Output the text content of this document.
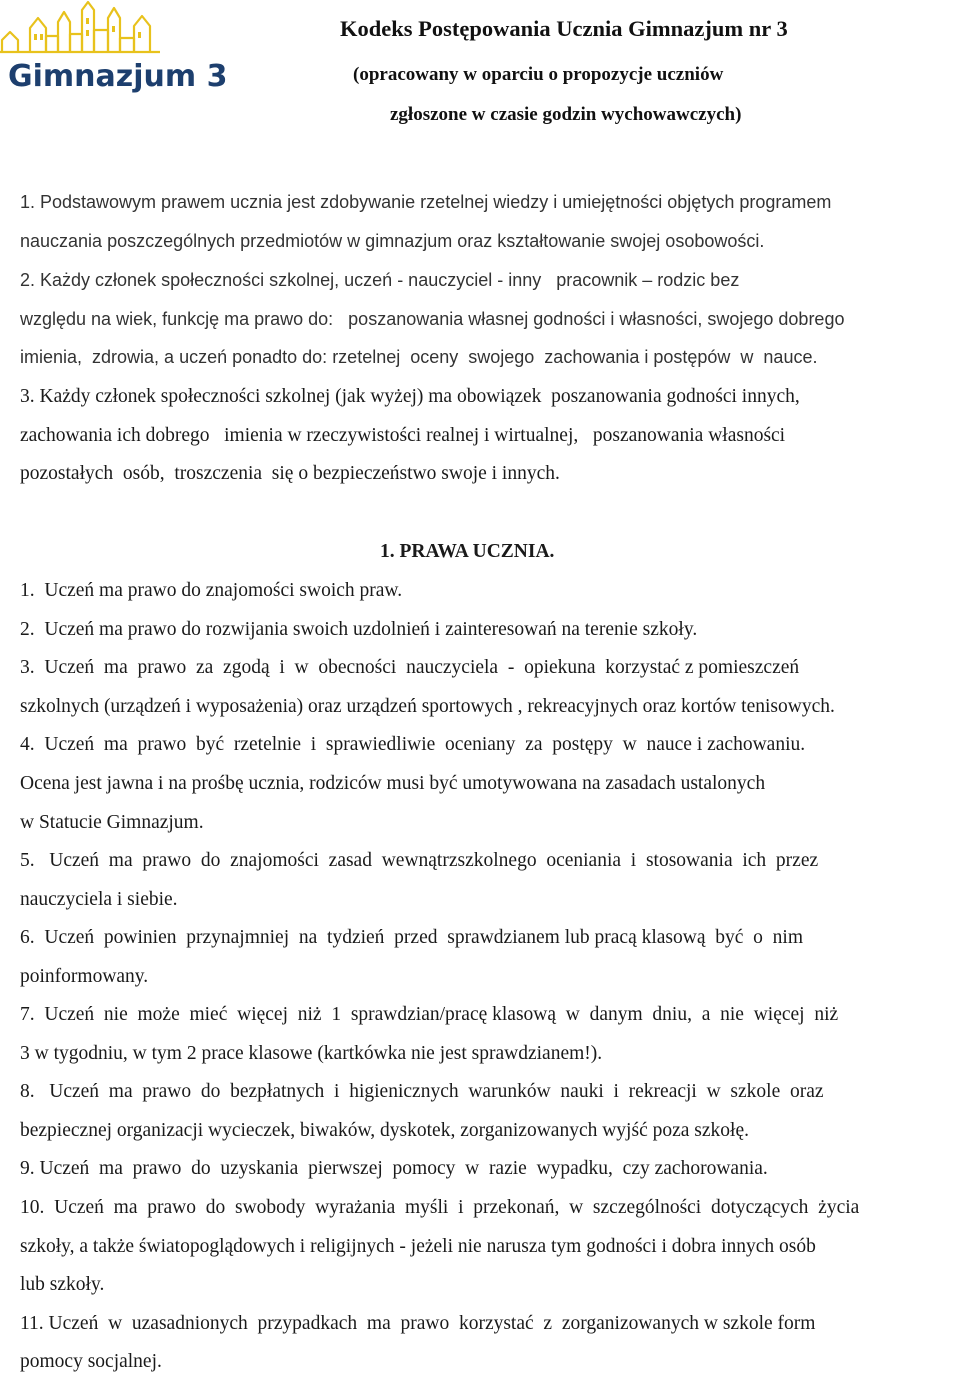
Gimnazjum 3
Kodeks Postępowania Ucznia Gimnazjum nr 3
(opracowany w oparciu o propozycje uczniów
zgłoszone w czasie godzin wychowawczych)
1. Podstawowym prawem ucznia jest zdobywanie rzetelnej wiedzy i umiejętności objętych programem
nauczania poszczególnych przedmiotów w gimnazjum oraz kształtowanie swojej osobowości.
2. Każdy członek społeczności szkolnej, uczeń - nauczyciel - inny   pracownik – rodzic bez
względu na wiek, funkcję ma prawo do:   poszanowania własnej godności i własności, swojego dobrego
imienia,  zdrowia, a uczeń ponadto do: rzetelnej  oceny  swojego  zachowania i postępów  w  nauce.
3. Każdy członek społeczności szkolnej (jak wyżej) ma obowiązek  poszanowania godności innych,
zachowania ich dobrego   imienia w rzeczywistości realnej i wirtualnej,   poszanowania własności
pozostałych  osób,  troszczenia  się o bezpieczeństwo swoje i innych.
1. PRAWA UCZNIA.
1.  Uczeń ma prawo do znajomości swoich praw.
2.  Uczeń ma prawo do rozwijania swoich uzdolnień i zainteresowań na terenie szkoły.
3.  Uczeń  ma  prawo  za  zgodą  i  w  obecności  nauczyciela  -  opiekuna  korzystać z pomieszczeń
szkolnych (urządzeń i wyposażenia) oraz urządzeń sportowych , rekreacyjnych oraz kortów tenisowych.
4.  Uczeń  ma  prawo  być  rzetelnie  i  sprawiedliwie  oceniany  za  postępy  w  nauce i zachowaniu.
Ocena jest jawna i na prośbę ucznia, rodziców musi być umotywowana na zasadach ustalonych
w Statucie Gimnazjum.
5.   Uczeń  ma  prawo  do  znajomości  zasad  wewnątrzszkolnego  oceniania  i  stosowania  ich  przez
nauczyciela i siebie.
6.  Uczeń  powinien  przynajmniej  na  tydzień  przed  sprawdzianem lub pracą klasową  być  o  nim
poinformowany.
7.  Uczeń  nie  może  mieć  więcej  niż  1  sprawdzian/pracę klasową  w  danym  dniu,  a  nie  więcej  niż
3 w tygodniu, w tym 2 prace klasowe (kartkówka nie jest sprawdzianem!).
8.   Uczeń  ma  prawo  do  bezpłatnych  i  higienicznych  warunków  nauki  i  rekreacji  w  szkole  oraz
bezpiecznej organizacji wycieczek, biwaków, dyskotek, zorganizowanych wyjść poza szkołę.
9. Uczeń  ma  prawo  do  uzyskania  pierwszej  pomocy  w  razie  wypadku,  czy zachorowania.
10.  Uczeń  ma  prawo  do  swobody  wyrażania  myśli  i  przekonań,  w  szczególności  dotyczących  życia
szkoły, a także światopoglądowych i religijnych - jeżeli nie narusza tym godności i dobra innych osób
lub szkoły.
11. Uczeń  w  uzasadnionych  przypadkach  ma  prawo  korzystać  z  zorganizowanych w szkole form
pomocy socjalnej.
